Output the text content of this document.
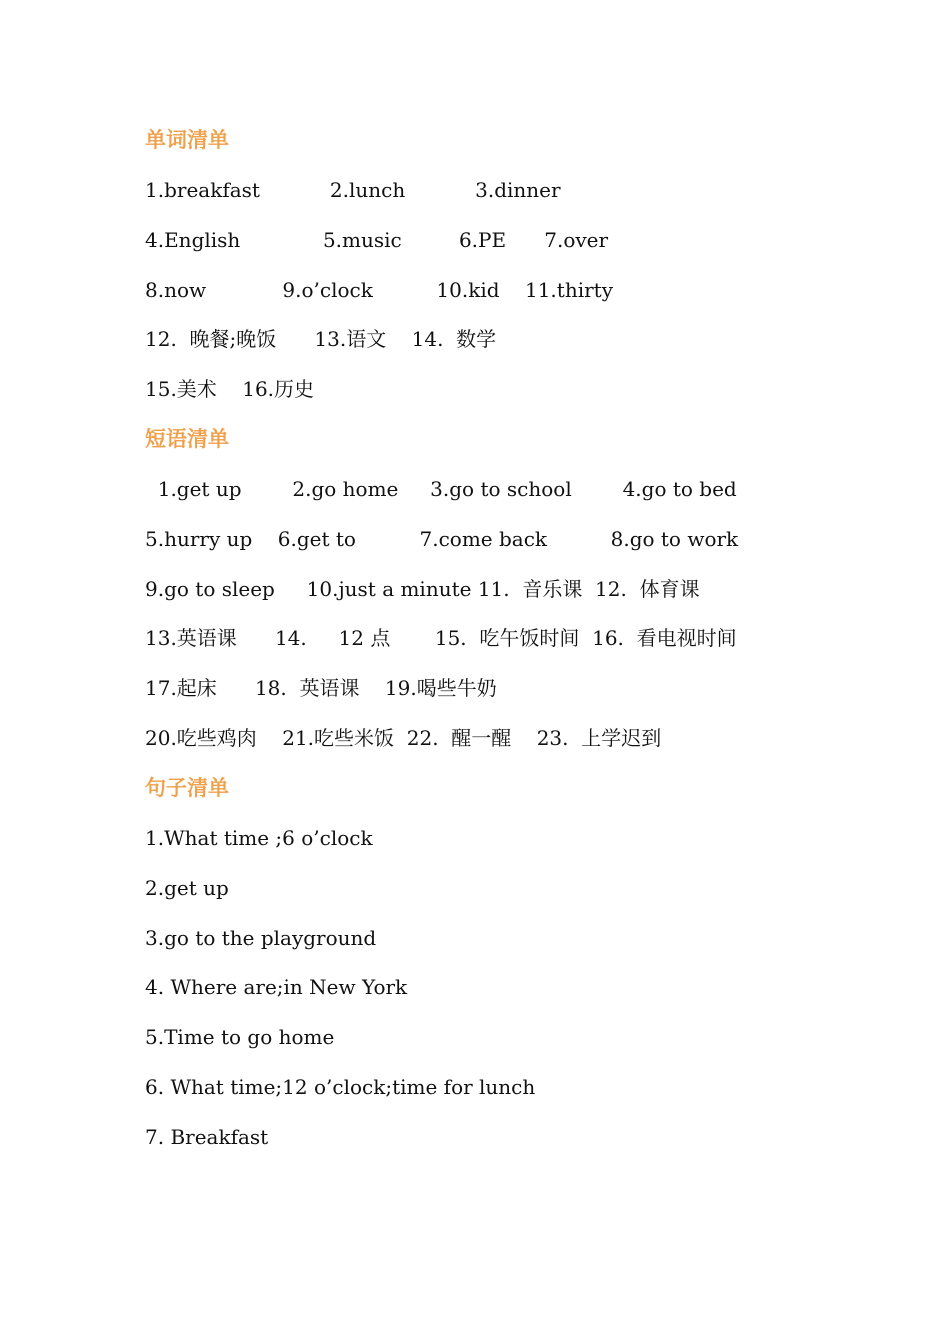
单词清单
1.breakfast           2.lunch           3.dinner
4.English             5.music         6.PE      7.over
8.now            9.o’clock          10.kid    11.thirty
12.  晚餐;晚饭      13.语文    14.  数学
15.美术    16.历史
短语清单
1.get up        2.go home     3.go to school        4.go to bed
5.hurry up    6.get to          7.come back          8.go to work
9.go to sleep     10.just a minute 11.  音乐课  12.  体育课
13.英语课      14.     12 点       15.  吃午饭时间  16.  看电视时间
17.起床      18.  英语课    19.喝些牛奶
20.吃些鸡肉    21.吃些米饭  22.  醒一醒    23.  上学迟到
句子清单
1.What time ;6 o’clock
2.get up
3.go to the playground
4. Where are;in New York
5.Time to go home
6. What time;12 o’clock;time for lunch
7. Breakfast
